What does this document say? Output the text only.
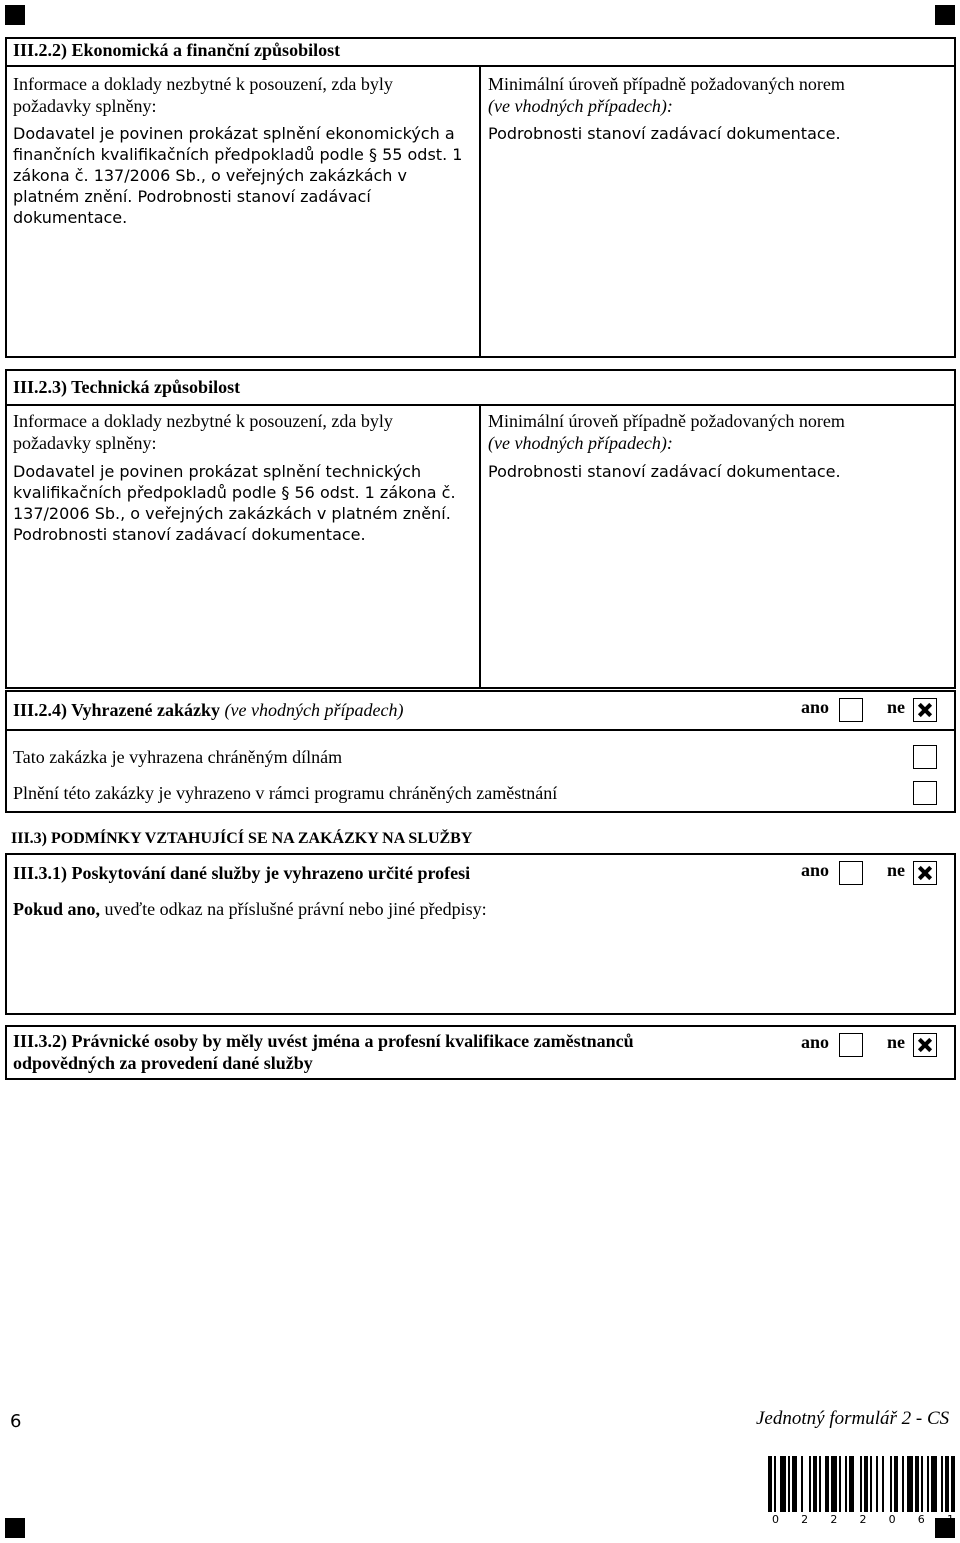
III.2.2) Ekonomická a finanční způsobilost
Informace a doklady nezbytné k posouzení, zda byly požadavky splněny:
Dodavatel je povinen prokázat splnění ekonomických a finančních kvalifikačních předpokladů podle § 55 odst. 1 zákona č. 137/2006 Sb., o veřejných zakázkách v platném znění. Podrobnosti stanoví zadávací dokumentace.
Minimální úroveň případně požadovaných norem
(ve vhodných případech):
Podrobnosti stanoví zadávací dokumentace.
III.2.3) Technická způsobilost
Informace a doklady nezbytné k posouzení, zda byly požadavky splněny:
Dodavatel je povinen prokázat splnění technických kvalifikačních předpokladů podle § 56 odst. 1 zákona č. 137/2006 Sb., o veřejných zakázkách v platném znění. Podrobnosti stanoví zadávací dokumentace.
Minimální úroveň případně požadovaných norem
(ve vhodných případech):
Podrobnosti stanoví zadávací dokumentace.
III.2.4) Vyhrazené zakázky (ve vhodných případech)	ano	ne
Tato zakázka je vyhrazena chráněným dílnám
Plnění této zakázky je vyhrazeno v rámci programu chráněných zaměstnání
III.3) PODMÍNKY VZTAHUJÍCÍ SE NA ZAKÁZKY NA SLUŽBY
III.3.1) Poskytování dané služby je vyhrazeno určité profesi	ano	ne
Pokud ano, uveďte odkaz na příslušné právní nebo jiné předpisy:
III.3.2) Právnické osoby by měly uvést jména a profesní kvalifikace zaměstnanců
odpovědných za provedení dané služby
ano	ne
6	Jednotný formulář 2 - CS
0 2 2 2 0 6 1
